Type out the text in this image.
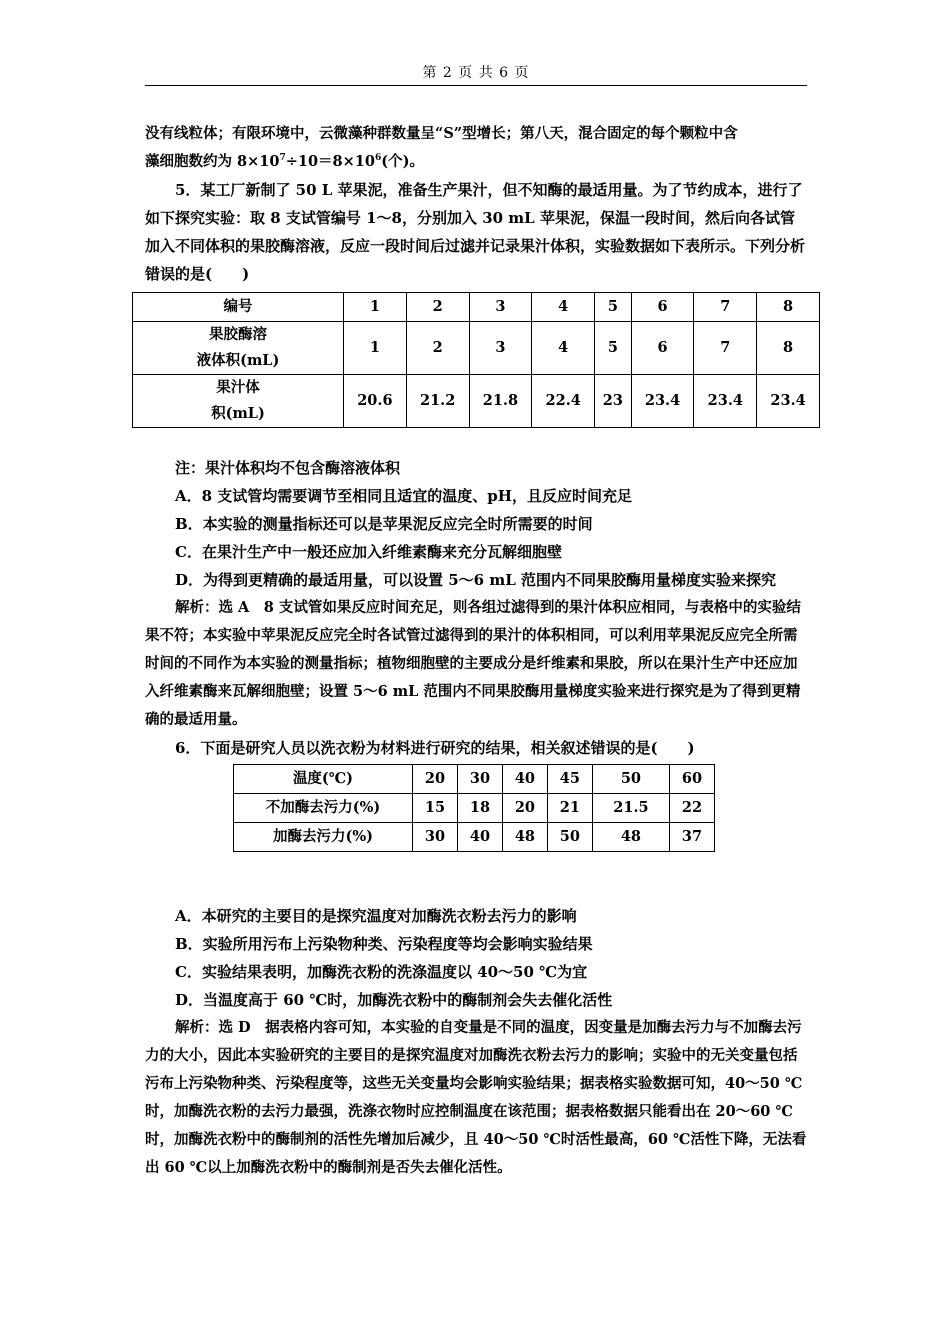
第 2 页 共 6 页

没有线粒体；有限环境中，云微藻种群数量呈“S”型增长；第八天，混合固定的每个颗粒中含
藻细胞数约为 $8\times 10^7\div 10=8\times 10^6$(个)。

5．某工厂新制了 50 L 苹果泥，准备生产果汁，但不知酶的最适用量。为了节约成本，进行了如下探究实验：取 8 支试管编号 1～8，分别加入 30 mL 苹果泥，保温一段时间，然后向各试管加入不同体积的果胶酶溶液，反应一段时间后过滤并记录果汁体积，实验数据如下表所示。下列分析错误的是(　　)

编号	1	2	3	4	5	6	7	8
果胶酶溶
液体积(mL)	1	2	3	4	5	6	7	8
果汁体
积(mL)	20.6	21.2	21.8	22.4	23	23.4	23.4	23.4

注：果汁体积均不包含酶溶液体积

A．8 支试管均需要调节至相同且适宜的温度、pH，且反应时间充足

B．本实验的测量指标还可以是苹果泥反应完全时所需要的时间

C．在果汁生产中一般还应加入纤维素酶来充分瓦解细胞壁

D．为得到更精确的最适用量，可以设置 5～6 mL 范围内不同果胶酶用量梯度实验来探究

解析：选 A　8 支试管如果反应时间充足，则各组过滤得到的果汁体积应相同，与表格中的实验结果不符；本实验中苹果泥反应完全时各试管过滤得到的果汁的体积相同，可以利用苹果泥反应完全所需时间的不同作为本实验的测量指标；植物细胞壁的主要成分是纤维素和果胶，所以在果汁生产中还应加入纤维素酶来瓦解细胞壁；设置 5～6 mL 范围内不同果胶酶用量梯度实验来进行探究是为了得到更精确的最适用量。

6．下面是研究人员以洗衣粉为材料进行研究的结果，相关叙述错误的是(　　)

温度(℃)	20	30	40	45	50	60
不加酶去污力(%)	15	18	20	21	21.5	22
加酶去污力(%)	30	40	48	50	48	37

A．本研究的主要目的是探究温度对加酶洗衣粉去污力的影响

B．实验所用污布上污染物种类、污染程度等均会影响实验结果

C．实验结果表明，加酶洗衣粉的洗涤温度以 40～50 ℃为宜

D．当温度高于 60 ℃时，加酶洗衣粉中的酶制剂会失去催化活性

解析：选 D　据表格内容可知，本实验的自变量是不同的温度，因变量是加酶去污力与不加酶去污力的大小，因此本实验研究的主要目的是探究温度对加酶洗衣粉去污力的影响；实验中的无关变量包括污布上污染物种类、污染程度等，这些无关变量均会影响实验结果；据表格实验数据可知，40～50 ℃时，加酶洗衣粉的去污力最强，洗涤衣物时应控制温度在该范围；据表格数据只能看出在 20～60 ℃时，加酶洗衣粉中的酶制剂的活性先增加后减少，且 40～50 ℃时活性最高，60 ℃活性下降，无法看出 60 ℃以上加酶洗衣粉中的酶制剂是否失去催化活性。
